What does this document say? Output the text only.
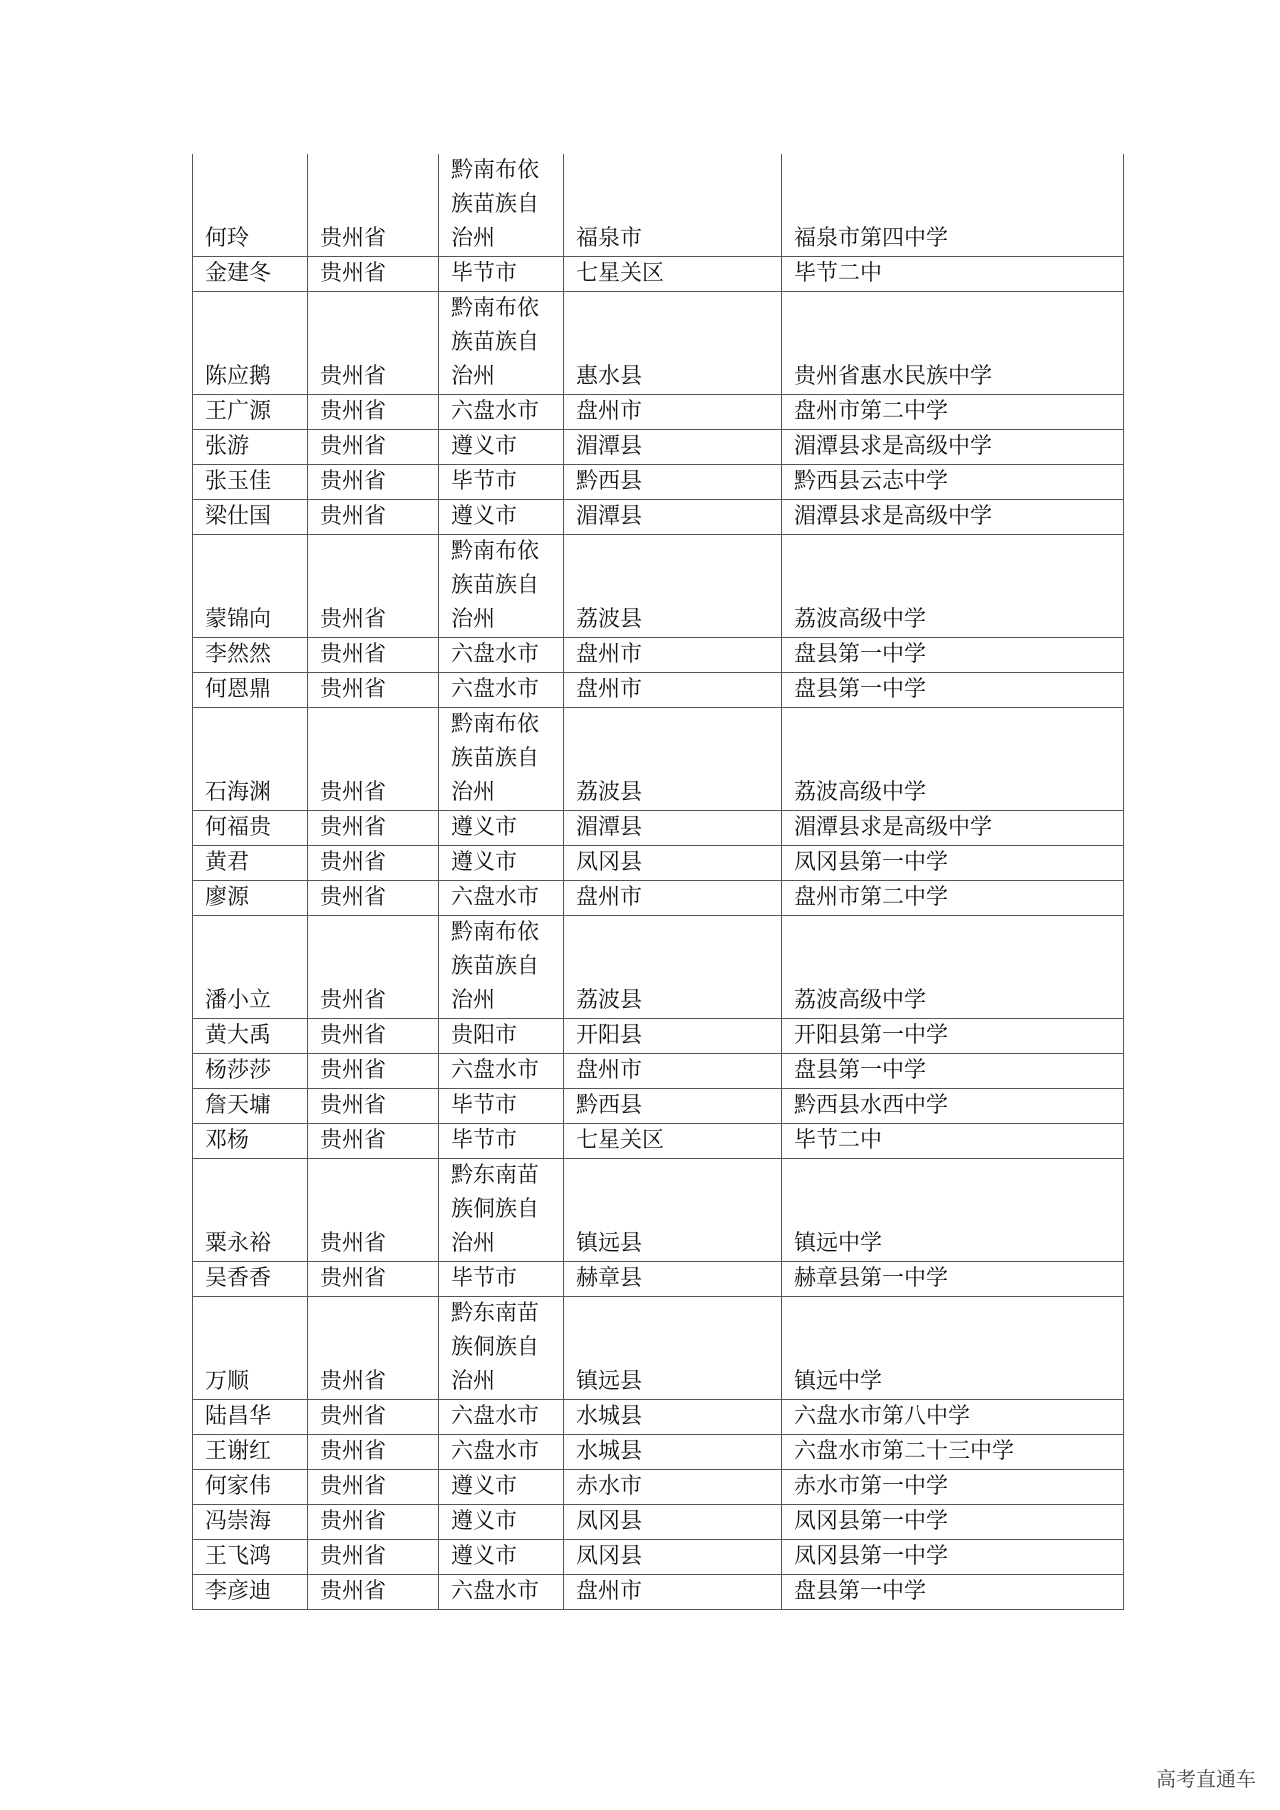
何玲	贵州省	黔南布依
族苗族自
治州	福泉市	福泉市第四中学
金建冬	贵州省	毕节市	七星关区	毕节二中
陈应鹅	贵州省	黔南布依
族苗族自
治州	惠水县	贵州省惠水民族中学
王广源	贵州省	六盘水市	盘州市	盘州市第二中学
张游	贵州省	遵义市	湄潭县	湄潭县求是高级中学
张玉佳	贵州省	毕节市	黔西县	黔西县云志中学
梁仕国	贵州省	遵义市	湄潭县	湄潭县求是高级中学
蒙锦向	贵州省	黔南布依
族苗族自
治州	荔波县	荔波高级中学
李然然	贵州省	六盘水市	盘州市	盘县第一中学
何恩鼎	贵州省	六盘水市	盘州市	盘县第一中学
石海渊	贵州省	黔南布依
族苗族自
治州	荔波县	荔波高级中学
何福贵	贵州省	遵义市	湄潭县	湄潭县求是高级中学
黄君	贵州省	遵义市	凤冈县	凤冈县第一中学
廖源	贵州省	六盘水市	盘州市	盘州市第二中学
潘小立	贵州省	黔南布依
族苗族自
治州	荔波县	荔波高级中学
黄大禹	贵州省	贵阳市	开阳县	开阳县第一中学
杨莎莎	贵州省	六盘水市	盘州市	盘县第一中学
詹天墉	贵州省	毕节市	黔西县	黔西县水西中学
邓杨	贵州省	毕节市	七星关区	毕节二中
粟永裕	贵州省	黔东南苗
族侗族自
治州	镇远县	镇远中学
吴香香	贵州省	毕节市	赫章县	赫章县第一中学
万顺	贵州省	黔东南苗
族侗族自
治州	镇远县	镇远中学
陆昌华	贵州省	六盘水市	水城县	六盘水市第八中学
王谢红	贵州省	六盘水市	水城县	六盘水市第二十三中学
何家伟	贵州省	遵义市	赤水市	赤水市第一中学
冯崇海	贵州省	遵义市	凤冈县	凤冈县第一中学
王飞鸿	贵州省	遵义市	凤冈县	凤冈县第一中学
李彦迪	贵州省	六盘水市	盘州市	盘县第一中学
高考直通车
